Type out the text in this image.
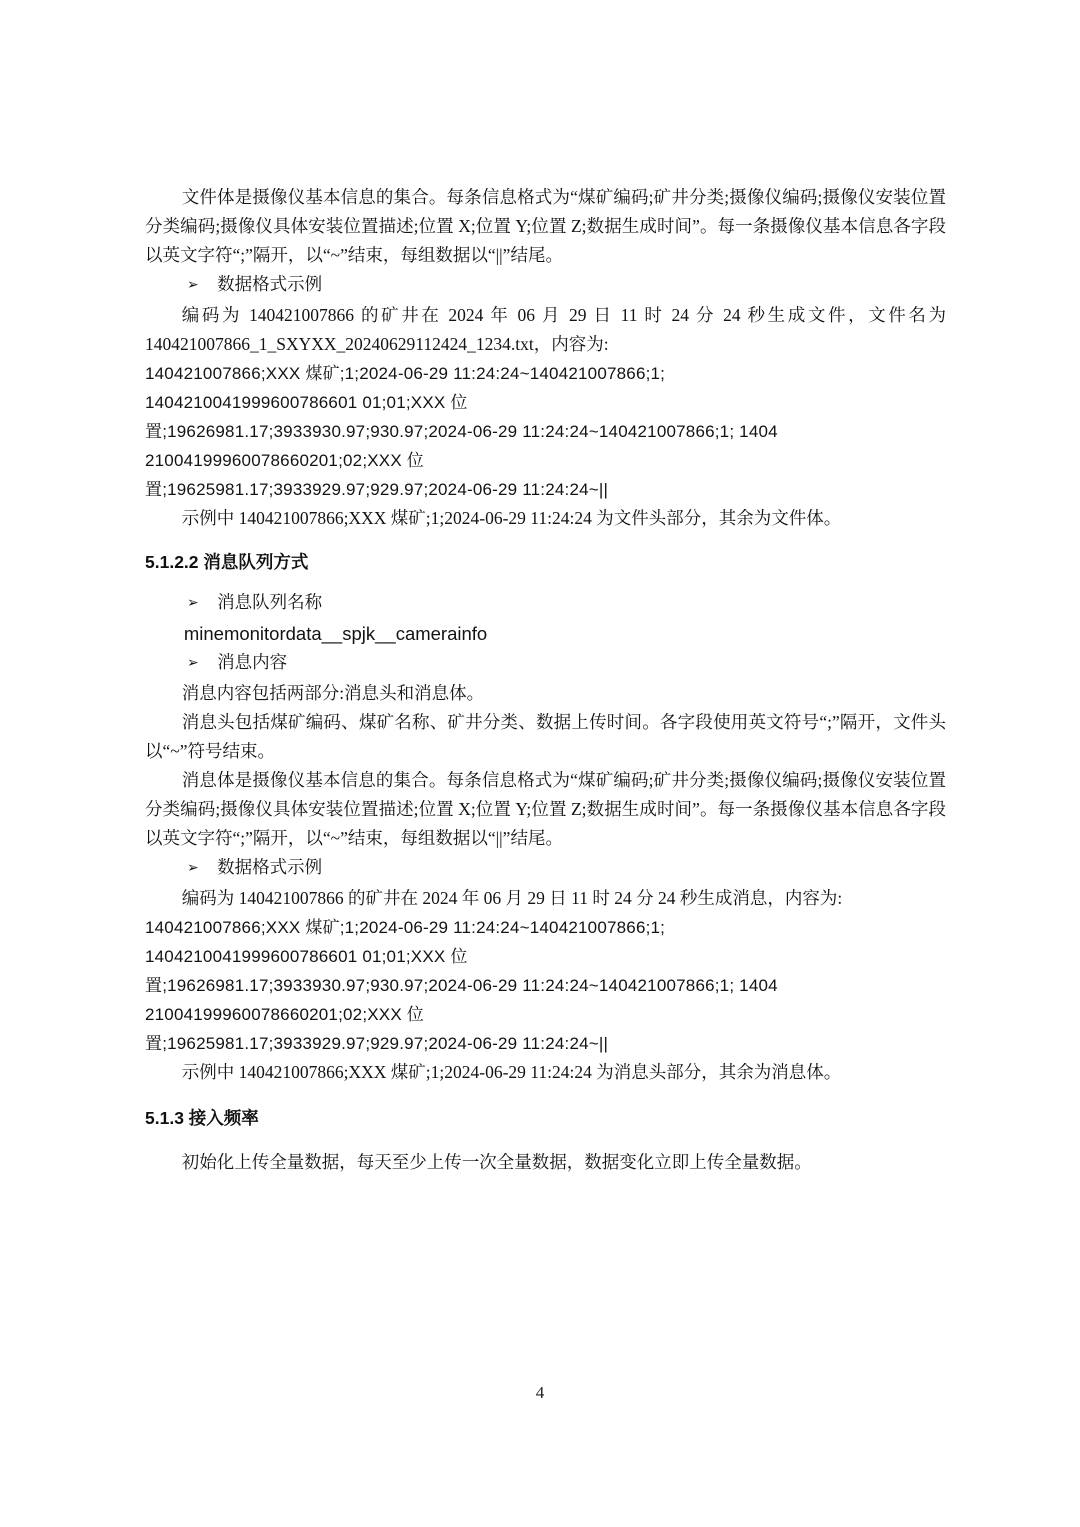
文件体是摄像仪基本信息的集合。每条信息格式为“煤矿编码;矿井分类;摄像仪编码;摄像仪安装位置分类编码;摄像仪具体安装位置描述;位置 X;位置 Y;位置 Z;数据生成时间”。每一条摄像仪基本信息各字段以英文字符“;”隔开，以“~”结束，每组数据以“||”结尾。

➢ 数据格式示例

编码为 140421007866 的矿井在 2024 年 06 月 29 日 11 时 24 分 24 秒生成文件，文件名为 140421007866_1_SXYXX_20240629112424_1234.txt，内容为:

140421007866;XXX 煤矿;1;2024-06-29 11:24:24~140421007866;1;

1404210041999600786601 01;01;XXX 位

置;19626981.17;3933930.97;930.97;2024-06-29 11:24:24~140421007866;1; 1404

21004199960078660201;02;XXX 位

置;19625981.17;3933929.97;929.97;2024-06-29 11:24:24~||

示例中 140421007866;XXX 煤矿;1;2024-06-29 11:24:24 为文件头部分，其余为文件体。

5.1.2.2 消息队列方式
➢ 消息队列名称

minemonitordata__spjk__camerainfo

➢ 消息内容

消息内容包括两部分:消息头和消息体。

消息头包括煤矿编码、煤矿名称、矿井分类、数据上传时间。各字段使用英文符号“;”隔开，文件头以“~”符号结束。

消息体是摄像仪基本信息的集合。每条信息格式为“煤矿编码;矿井分类;摄像仪编码;摄像仪安装位置分类编码;摄像仪具体安装位置描述;位置 X;位置 Y;位置 Z;数据生成时间”。每一条摄像仪基本信息各字段以英文字符“;”隔开，以“~”结束，每组数据以“||”结尾。

➢ 数据格式示例

编码为 140421007866 的矿井在 2024 年 06 月 29 日 11 时 24 分 24 秒生成消息，内容为:

140421007866;XXX 煤矿;1;2024-06-29 11:24:24~140421007866;1;

1404210041999600786601 01;01;XXX 位

置;19626981.17;3933930.97;930.97;2024-06-29 11:24:24~140421007866;1; 1404

21004199960078660201;02;XXX 位

置;19625981.17;3933929.97;929.97;2024-06-29 11:24:24~||

示例中 140421007866;XXX 煤矿;1;2024-06-29 11:24:24 为消息头部分，其余为消息体。

5.1.3 接入频率

初始化上传全量数据，每天至少上传一次全量数据，数据变化立即上传全量数据。

4
